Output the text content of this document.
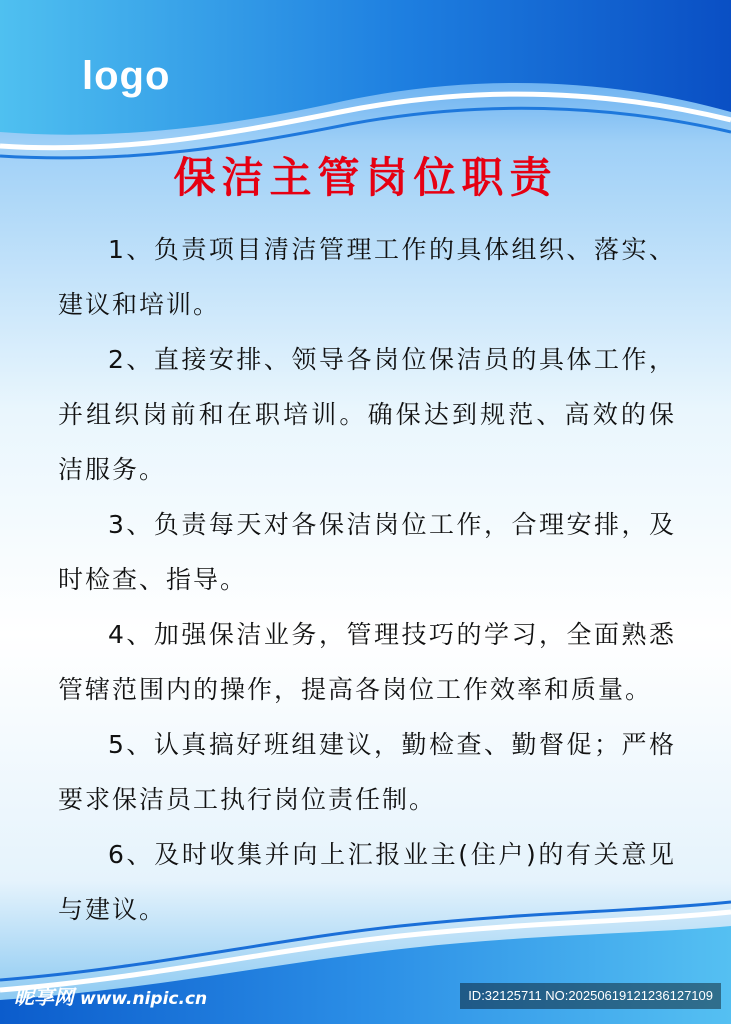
logo
保洁主管岗位职责

1、负责项目清洁管理工作的具体组织、落实、建议和培训。

2、直接安排、领导各岗位保洁员的具体工作，并组织岗前和在职培训。确保达到规范、高效的保洁服务。

3、负责每天对各保洁岗位工作，合理安排，及时检查、指导。

4、加强保洁业务，管理技巧的学习，全面熟悉管辖范围内的操作，提高各岗位工作效率和质量。

5、认真搞好班组建议，勤检查、勤督促；严格要求保洁员工执行岗位责任制。

6、及时收集并向上汇报业主(住户)的有关意见与建议。

昵享网 www.nipic.cn	ID:32125711 NO:20250619121236127109
